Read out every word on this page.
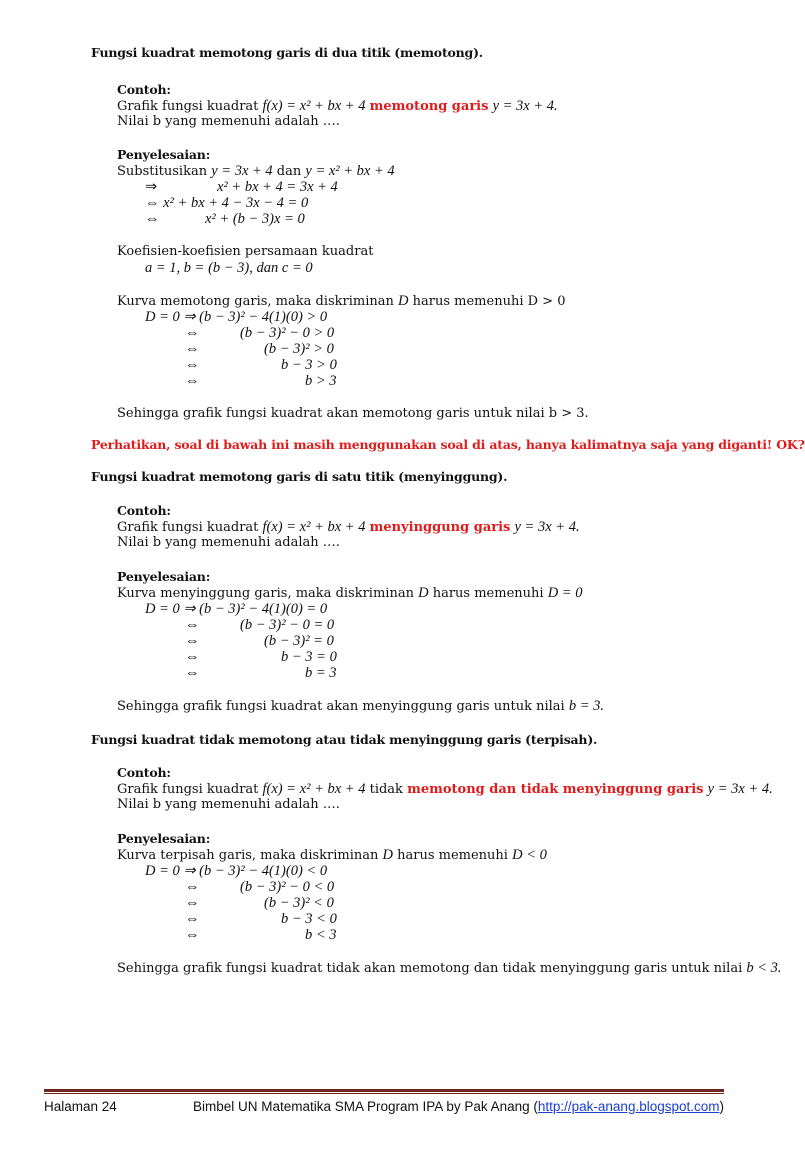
Fungsi kuadrat memotong garis di dua titik (memotong).
Contoh:
Grafik fungsi kuadrat f(x) = x² + bx + 4 memotong garis y = 3x + 4.
Nilai b yang memenuhi adalah ….
Penyelesaian:
Substitusikan y = 3x + 4 dan y = x² + bx + 4
⇒	x² + bx + 4 = 3x + 4
⇔ x² + bx + 4 − 3x − 4 = 0
⇔	x² + (b − 3)x = 0
Koefisien-koefisien persamaan kuadrat
a = 1, b = (b − 3), dan c = 0
Kurva memotong garis, maka diskriminan D harus memenuhi D > 0
D = 0 ⇒ (b − 3)² − 4(1)(0) > 0
⇔	(b − 3)² − 0 > 0
⇔	(b − 3)² > 0
⇔	b − 3 > 0
⇔	b > 3
Sehingga grafik fungsi kuadrat akan memotong garis untuk nilai b > 3.
Perhatikan, soal di bawah ini masih menggunakan soal di atas, hanya kalimatnya saja yang diganti! OK?
Fungsi kuadrat memotong garis di satu titik (menyinggung).
Contoh:
Grafik fungsi kuadrat f(x) = x² + bx + 4 menyinggung garis y = 3x + 4.
Nilai b yang memenuhi adalah ….
Penyelesaian:
Kurva menyinggung garis, maka diskriminan D harus memenuhi D = 0
D = 0 ⇒ (b − 3)² − 4(1)(0) = 0
⇔	(b − 3)² − 0 = 0
⇔	(b − 3)² = 0
⇔	b − 3 = 0
⇔	b = 3
Sehingga grafik fungsi kuadrat akan menyinggung garis untuk nilai b = 3.
Fungsi kuadrat tidak memotong atau tidak menyinggung garis (terpisah).
Contoh:
Grafik fungsi kuadrat f(x) = x² + bx + 4 tidak memotong dan tidak menyinggung garis y = 3x + 4.
Nilai b yang memenuhi adalah ….
Penyelesaian:
Kurva terpisah garis, maka diskriminan D harus memenuhi D < 0
D = 0 ⇒ (b − 3)² − 4(1)(0) < 0
⇔	(b − 3)² − 0 < 0
⇔	(b − 3)² < 0
⇔	b − 3 < 0
⇔	b < 3
Sehingga grafik fungsi kuadrat tidak akan memotong dan tidak menyinggung garis untuk nilai b < 3.
Halaman 24	Bimbel UN Matematika SMA Program IPA by Pak Anang (http://pak-anang.blogspot.com)
